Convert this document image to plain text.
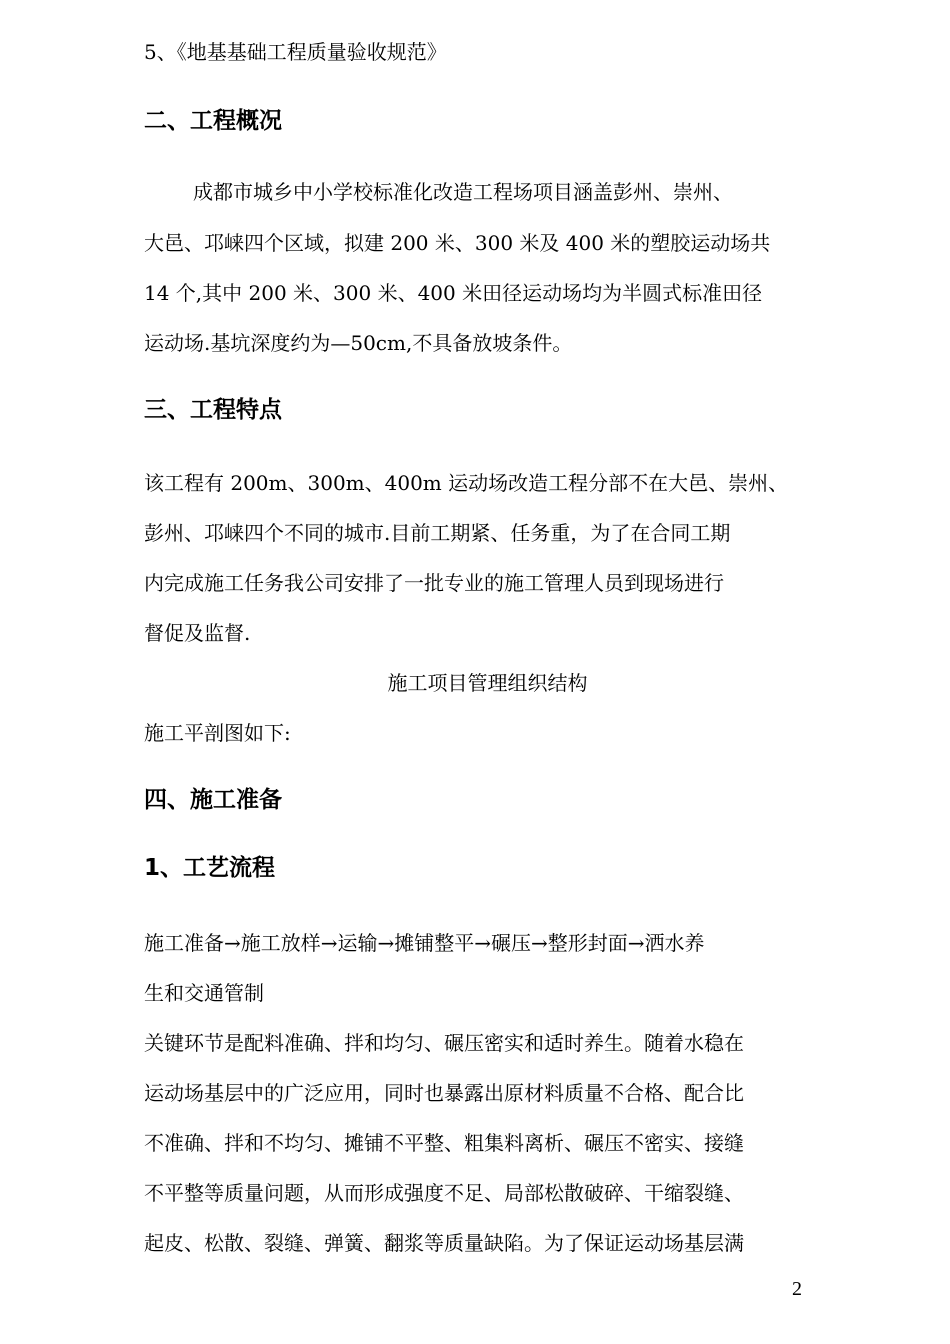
5、《地基基础工程质量验收规范》
二、工程概况
成都市城乡中小学校标准化改造工程场项目涵盖彭州、崇州、
大邑、邛崃四个区域，拟建 200 米、300 米及 400 米的塑胶运动场共
14 个,其中 200 米、300 米、400 米田径运动场均为半圆式标准田径
运动场.基坑深度约为—50cm,不具备放坡条件。
三、工程特点
该工程有 200m、300m、400m 运动场改造工程分部不在大邑、崇州、
彭州、邛崃四个不同的城市.目前工期紧、任务重，为了在合同工期
内完成施工任务我公司安排了一批专业的施工管理人员到现场进行
督促及监督.
施工项目管理组织结构
施工平剖图如下:
四、施工准备
1、工艺流程
施工准备→施工放样→运输→摊铺整平→碾压→整形封面→洒水养
生和交通管制
关键环节是配料准确、拌和均匀、碾压密实和适时养生。随着水稳在
运动场基层中的广泛应用，同时也暴露出原材料质量不合格、配合比
不准确、拌和不均匀、摊铺不平整、粗集料离析、碾压不密实、接缝
不平整等质量问题，从而形成强度不足、局部松散破碎、干缩裂缝、
起皮、松散、裂缝、弹簧、翻浆等质量缺陷。为了保证运动场基层满
2
